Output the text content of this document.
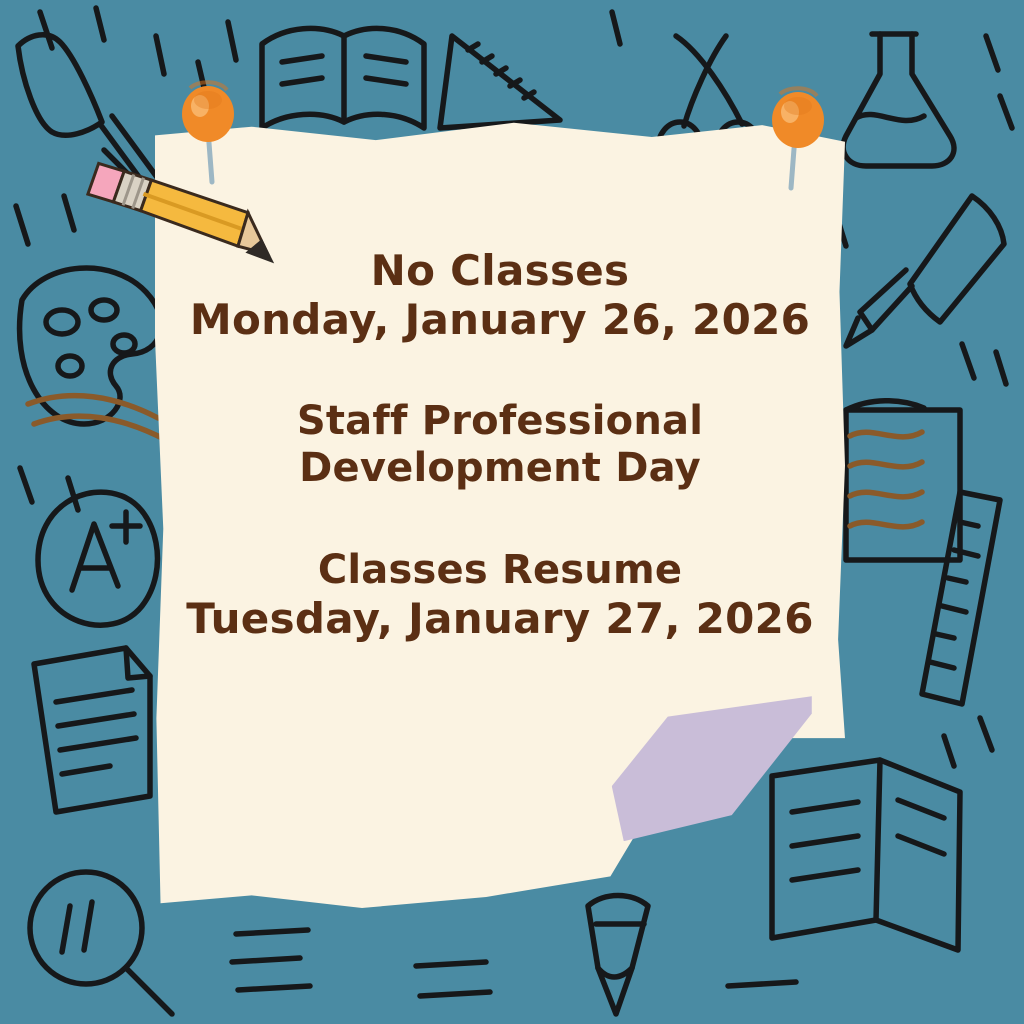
No Classes
Monday, January 26, 2026
Staff Professional
Development Day
Classes Resume
Tuesday, January 27, 2026
